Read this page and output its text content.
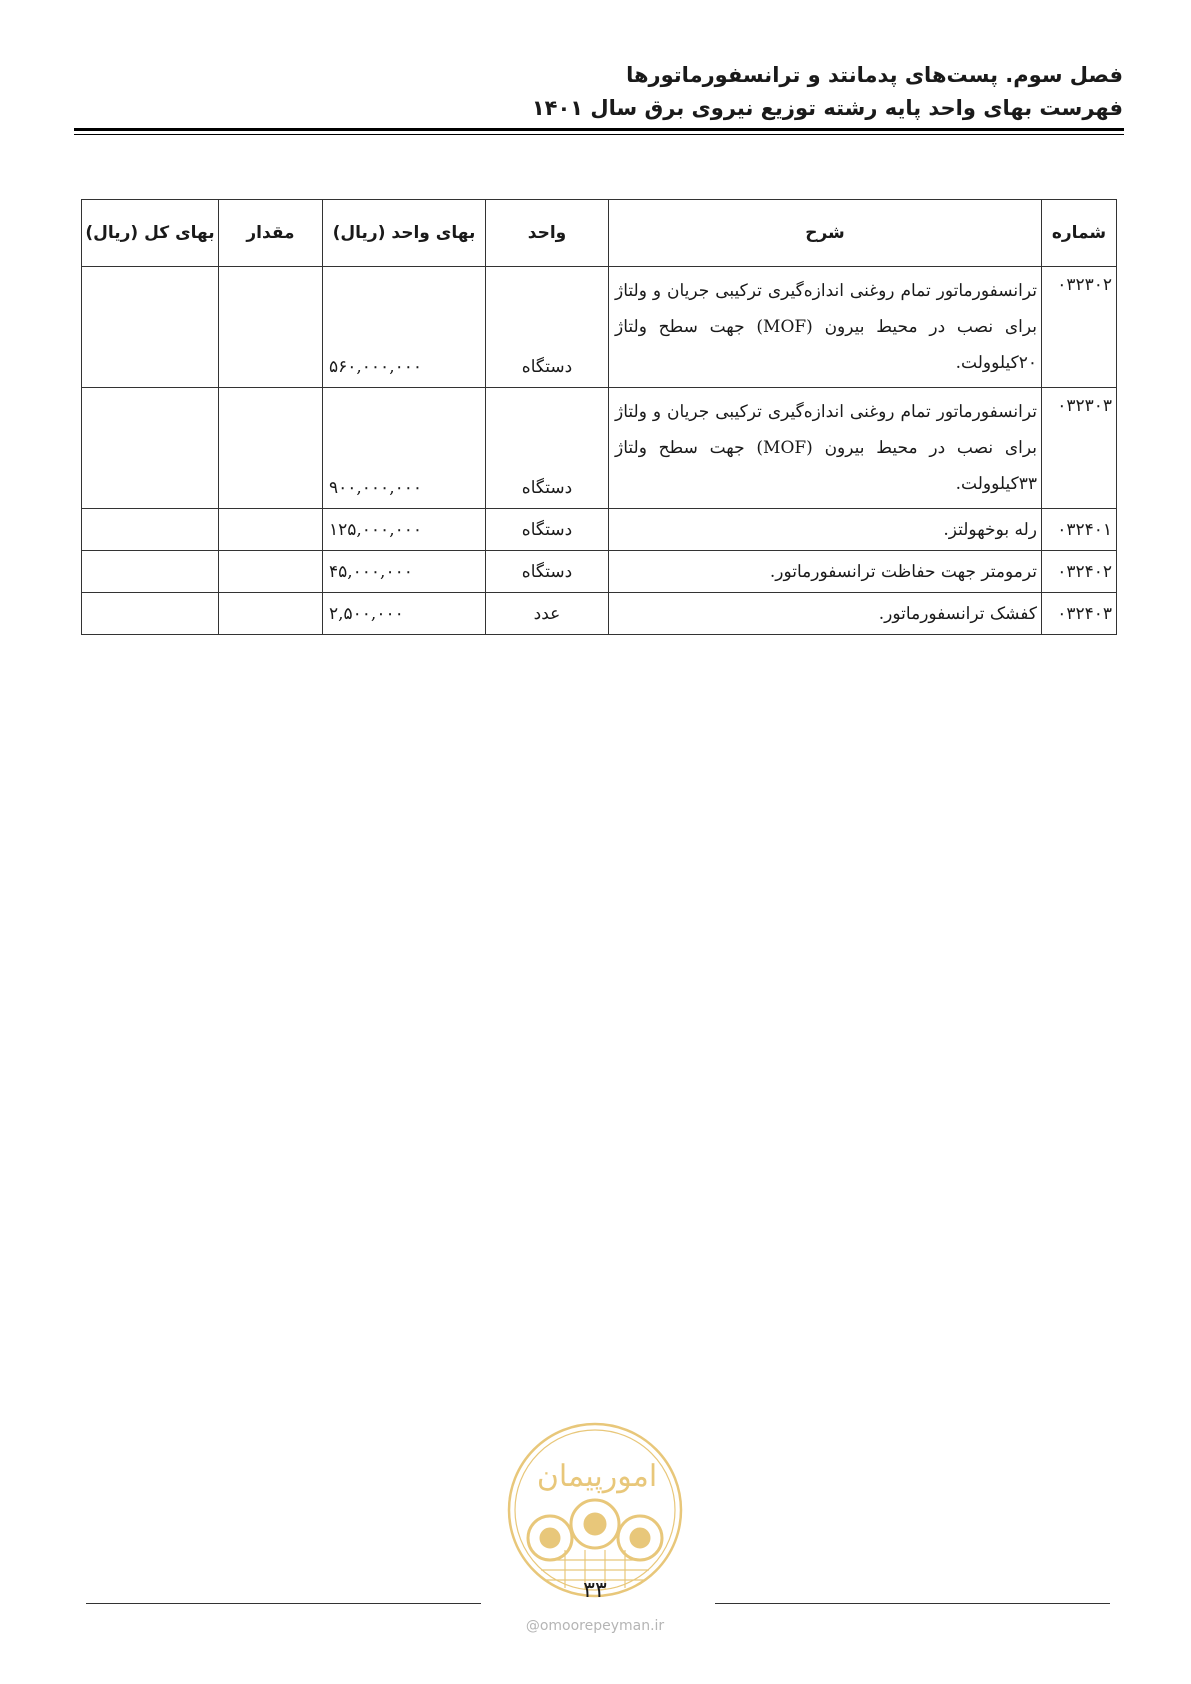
فصل سوم. پست‌های پدمانتد و ترانسفورماتورها
فهرست بهای واحد پایه رشته توزیع نیروی برق سال ۱۴۰۱
شماره	شرح	واحد	بهای واحد (ریال)	مقدار	بهای کل (ریال)
۰۳۲۳۰۲	ترانسفورماتور تمام روغنی اندازه‌گیری ترکیبی جریان و ولتاژ برای نصب در محیط بیرون (MOF) جهت سطح ولتاژ ۲۰کیلوولت.	دستگاه	۵۶۰,۰۰۰,۰۰۰		
۰۳۲۳۰۳	ترانسفورماتور تمام روغنی اندازه‌گیری ترکیبی جریان و ولتاژ برای نصب در محیط بیرون (MOF) جهت سطح ولتاژ ۳۳کیلوولت.	دستگاه	۹۰۰,۰۰۰,۰۰۰		
۰۳۲۴۰۱	رله بوخهولتز.	دستگاه	۱۲۵,۰۰۰,۰۰۰		
۰۳۲۴۰۲	ترمومتر جهت حفاظت ترانسفورماتور.	دستگاه	۴۵,۰۰۰,۰۰۰		
۰۳۲۴۰۳	کفشک ترانسفورماتور.	عدد	۲,۵۰۰,۰۰۰		
امورپیمان
۳۳
@omoorepeyman.ir
